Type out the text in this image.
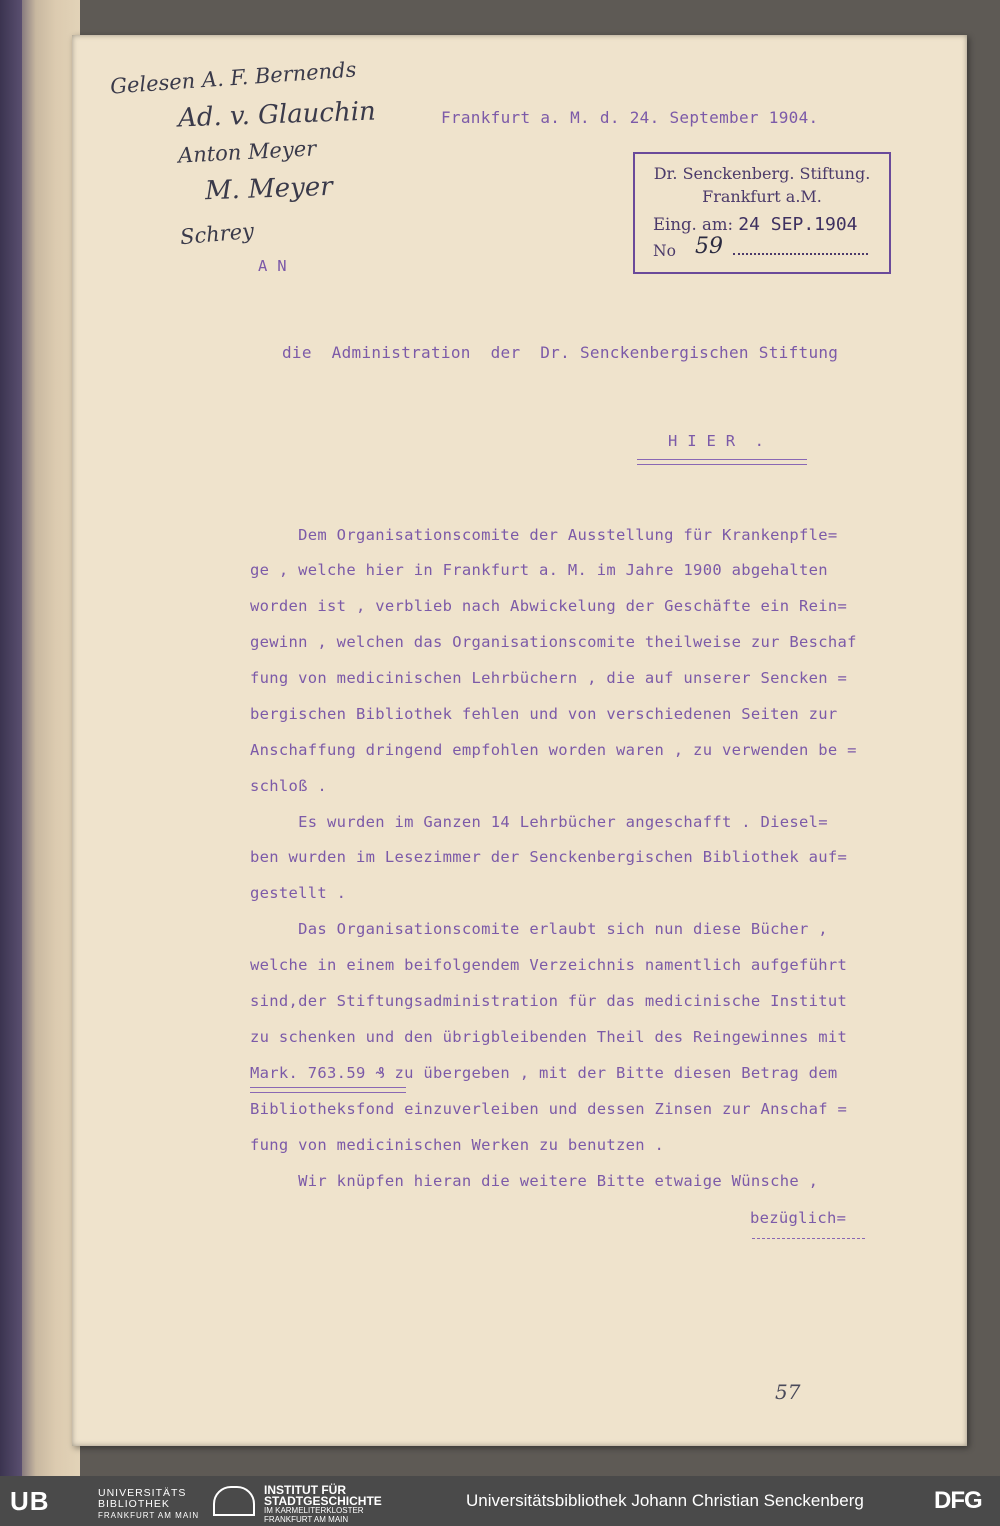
Frankfurt a. M. d. 24. September 1904.
Dr. Senckenberg. Stiftung.
Frankfurt a.M.
Eing. am: 24 SEP.1904
No 59
Gelesen A. F. Bernends
Ad. v. Glauchin
Anton Meyer
M. Meyer
Schrey
A N
die  Administration  der  Dr. Senckenbergischen Stiftung
H I E R  .
Dem Organisationscomite der Ausstellung für Krankenpfle=
ge , welche hier in Frankfurt a. M. im Jahre 1900 abgehalten
worden ist , verblieb nach Abwickelung der Geschäfte ein Rein=
gewinn , welchen das Organisationscomite theilweise zur Beschaf
fung von medicinischen Lehrbüchern , die auf unserer Sencken =
bergischen Bibliothek fehlen und von verschiedenen Seiten zur
Anschaffung dringend empfohlen worden waren , zu verwenden be =
schloß .
Es wurden im Ganzen 14 Lehrbücher angeschafft . Diesel=
ben wurden im Lesezimmer der Senckenbergischen Bibliothek auf=
gestellt .
Das Organisationscomite erlaubt sich nun diese Bücher ,
welche in einem beifolgendem Verzeichnis namentlich aufgeführt
sind,der Stiftungsadministration für das medicinische Institut
zu schenken und den übrigbleibenden Theil des Reingewinnes mit
Mark. 763.59 ₰ zu übergeben , mit der Bitte diesen Betrag dem
Bibliotheksfond einzuverleiben und dessen Zinsen zur Anschaf =
fung von medicinischen Werken zu benutzen .
Wir knüpfen hieran die weitere Bitte etwaige Wünsche ,
bezüglich=
57
UB	UNIVERSITÄTS
BIBLIOTHEK
FRANKFURT AM MAIN
INSTITUT FÜR
STADTGESCHICHTE
IM KARMELITERKLOSTER
FRANKFURT AM MAIN
Universitätsbibliothek Johann Christian Senckenberg	DFG
